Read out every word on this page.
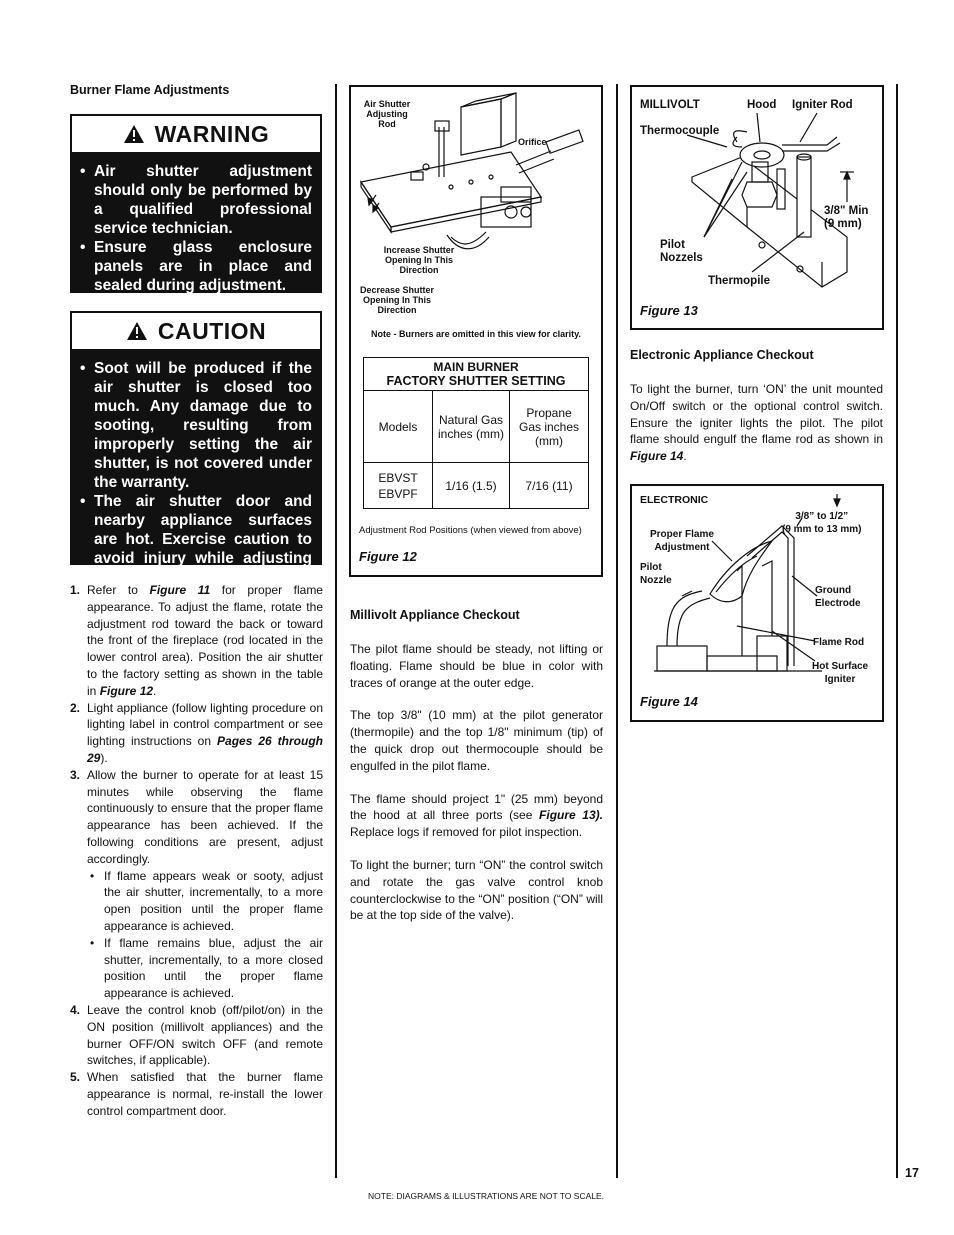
Burner Flame Adjustments
WARNING
• Air shutter adjustment should only be performed by a qualified professional service technician.
• Ensure glass enclosure panels are in place and sealed during adjustment.
CAUTION
• Soot will be produced if the air shutter is closed too much. Any damage due to sooting, resulting from improperly setting the air shutter, is not covered under the warranty.
• The air shutter door and nearby appliance surfaces are hot. Exercise caution to avoid injury while adjusting flame appearance.
1. Refer to Figure 11 for proper flame appearance. To adjust the flame, rotate the adjustment rod toward the back or toward the front of the fireplace (rod located in the lower control area). Position the air shutter to the factory setting as shown in the table in Figure 12.
2. Light appliance (follow lighting procedure on lighting label in control compartment or see lighting instructions on Pages 26 through 29).
3. Allow the burner to operate for at least 15 minutes while observing the flame continuously to ensure that the proper flame appearance has been achieved. If the following conditions are present, adjust accordingly.
• If flame appears weak or sooty, adjust the air shutter, incrementally, to a more open position until the proper flame appearance is achieved.
• If flame remains blue, adjust the air shutter, incrementally, to a more closed position until the proper flame appearance is achieved.
4. Leave the control knob (off/pilot/on) in the ON position (millivolt appliances) and the burner OFF/ON switch OFF (and remote switches, if applicable).
5. When satisfied that the burner flame appearance is normal, re-install the lower control compartment door.
Air Shutter Adjusting Rod
Orifice
Increase Shutter Opening In This Direction
Decrease Shutter Opening In This Direction
Note - Burners are omitted in this view for clarity.
MAIN BURNER
FACTORY SHUTTER SETTING		

Models	Natural Gas inches (mm)	Propane Gas inches (mm)
EBVST
EBVPF	1/16 (1.5)	7/16 (11)
Adjustment Rod Positions (when viewed from above)
Figure 12
Millivolt Appliance Checkout

The pilot flame should be steady, not lifting or floating. Flame should be blue in color with traces of orange at the outer edge.

The top 3/8" (10 mm) at the pilot generator (thermopile) and the top 1/8" minimum (tip) of the quick drop out thermocouple should be engulfed in the pilot flame.

The flame should project 1" (25 mm) beyond the hood at all three ports (see Figure 13). Replace logs if removed for pilot inspection.

To light the burner; turn “ON” the control switch and rotate the gas valve control knob counterclockwise to the “ON” position (“ON” will be at the top side of the valve).

MILLIVOLT	Hood Igniter Rod
Thermocouple
3/8" Min
(9 mm)
Pilot
Nozzels
Thermopile
Figure 13
Electronic Appliance Checkout

To light the burner, turn ‘ON’ the unit mounted On/Off switch or the optional control switch. Ensure the igniter lights the pilot. The pilot flame should engulf the flame rod as shown in Figure 14.

ELECTRONIC
3/8” to 1/2”
(9 mm to 13 mm)
Proper Flame
Adjustment
Pilot
Nozzle
Ground
Electrode
Flame Rod
Hot Surface
Igniter
Figure 14
17
NOTE: DIAGRAMS & ILLUSTRATIONS ARE NOT TO SCALE.
